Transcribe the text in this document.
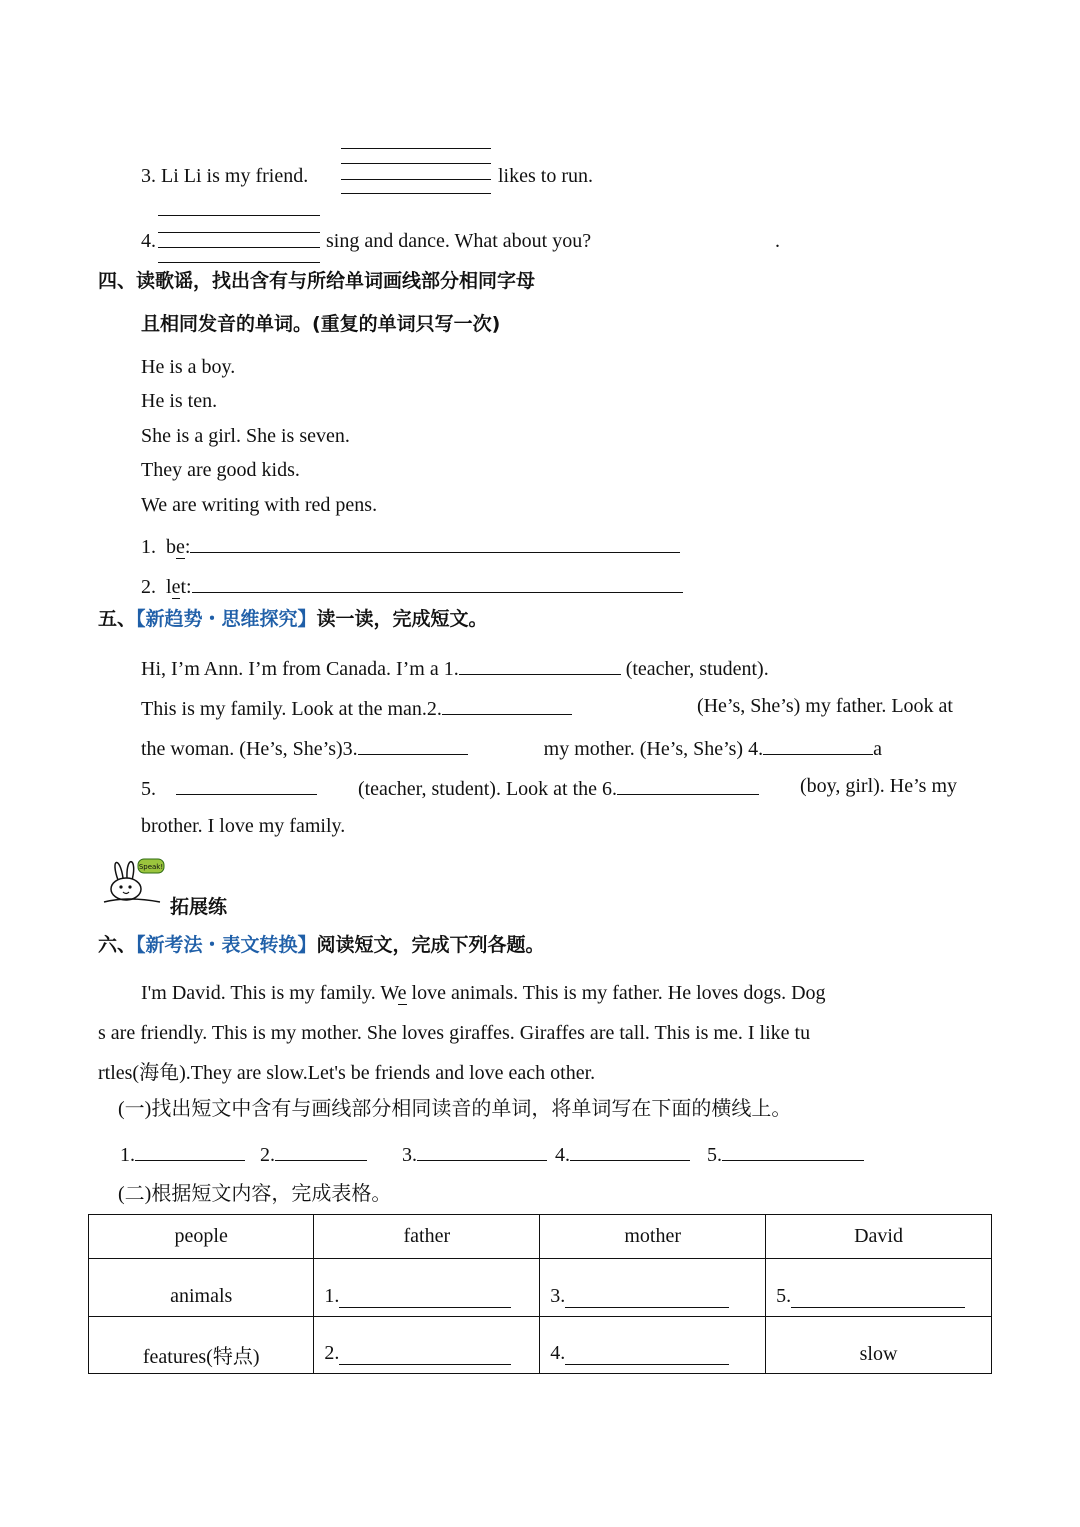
3. Li Li is my friend.	likes to run.
4.	sing and dance. What about you?	.
四、读歌谣，找出含有与所给单词画线部分相同字母
且相同发音的单词。(重复的单词只写一次)
He is a boy.
He is ten.
She is a girl. She is seven.
They are good kids.
We are writing with red pens.
1. be:
2. let:
五、【新趋势・思维探究】读一读，完成短文。
Hi, I’m Ann. I’m from Canada. I’m a 1.	(teacher, student).
This is my family. Look at the man.2.	(He’s, She’s) my father. Look at
the woman. (He’s, She’s)3.	my mother. (He’s, She’s) 4.	a
5.	(teacher, student). Look at the 6.	(boy, girl). He’s my
brother. I love my family.
Speak!
拓展练
六、【新考法・表文转换】阅读短文，完成下列各题。
I'm David. This is my family. We love animals. This is my father. He loves dogs. Dog
s are friendly. This is my mother. She loves giraffes. Giraffes are tall. This is me. I like tu
rtles(海龟).They are slow.Let's be friends and love each other.
(一)找出短文中含有与画线部分相同读音的单词，将单词写在下面的横线上。
1.	2.	3.	4.	5.
(二)根据短文内容，完成表格。
people	father	mother	David

animals	1.	3.	5.

features(特点)	2.	4.	slow
